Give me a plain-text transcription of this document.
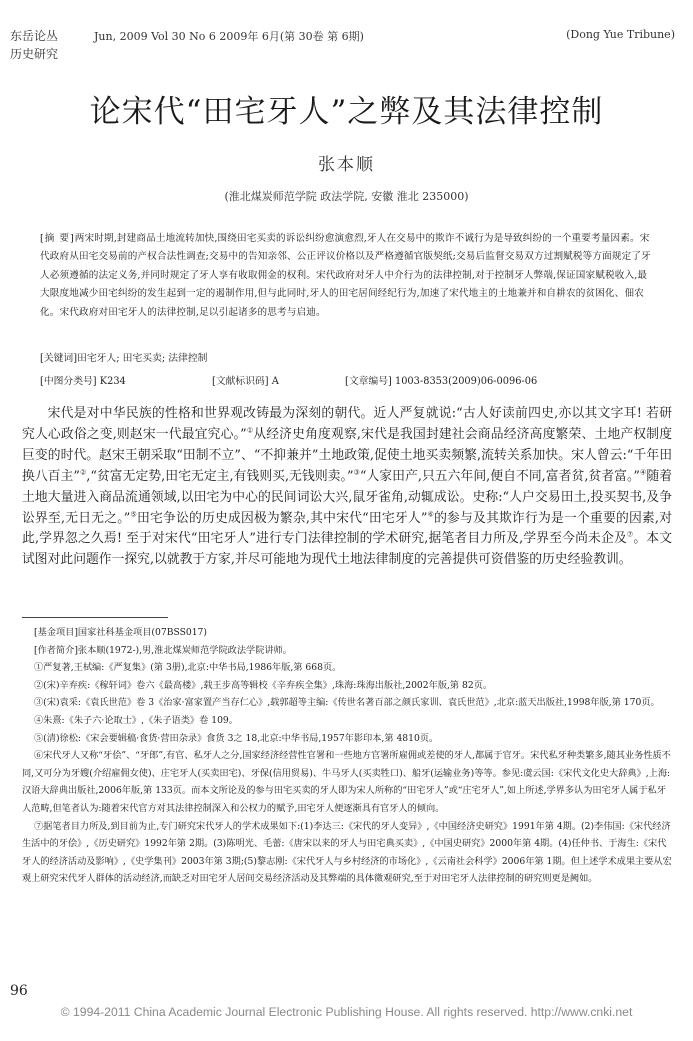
东岳论丛
历史研究
Jun, 2009 Vol 30 No 6 2009年 6月(第 30卷 第 6期)	(Dong Yue Tribune)
论宋代“田宅牙人”之弊及其法律控制
张本顺
(淮北煤炭师范学院 政法学院, 安徽 淮北 235000)
[摘 要]两宋时期,封建商品土地流转加快,围绕田宅买卖的诉讼纠纷愈演愈烈,牙人在交易中的欺诈不诚行为是导致纠纷的一个重要考量因素。宋代政府从田宅交易前的产权合法性调查;交易中的告知亲邻、公正评议价格以及严格遵循官版契纸;交易后监督交易双方过割赋税等方面规定了牙人必须遵循的法定义务,并同时规定了牙人享有收取佣金的权利。宋代政府对牙人中介行为的法律控制,对于控制牙人弊端,保证国家赋税收入,最大限度地减少田宅纠纷的发生起到一定的遏制作用,但与此同时,牙人的田宅居间经纪行为,加速了宋代地主的土地兼并和自耕农的贫困化、佃农化。宋代政府对田宅牙人的法律控制,足以引起诸多的思考与启迪。
[关键词]田宅牙人; 田宅买卖; 法律控制
[中图分类号] K234	[文献标识码] A	[文章编号] 1003-8353(2009)06-0096-06

宋代是对中华民族的性格和世界观改铸最为深刻的朝代。近人严复就说:“古人好读前四史,亦以其文字耳! 若研究人心政俗之变,则赵宋一代最宜究心。”①从经济史角度观察,宋代是我国封建社会商品经济高度繁荣、土地产权制度巨变的时代。赵宋王朝采取“田制不立”、“不抑兼并”土地政策,促使土地买卖频繁,流转关系加快。宋人曾云:“千年田换八百主”②,“贫富无定势,田宅无定主,有钱则买,无钱则卖。”③“人家田产,只五六年间,便自不同,富者贫,贫者富。”④随着土地大量进入商品流通领域,以田宅为中心的民间词讼大兴,鼠牙雀角,动辄成讼。史称:“人户交易田土,投买契书,及争讼界至,无日无之。”⑤田宅争讼的历史成因极为繁杂,其中宋代“田宅牙人”⑥的参与及其欺诈行为是一个重要的因素,对此,学界忽之久焉! 至于对宋代“田宅牙人”进行专门法律控制的学术研究,据笔者目力所及,学界至今尚未企及⑦。本文试图对此问题作一探究,以就教于方家,并尽可能地为现代土地法律制度的完善提供可资借鉴的历史经验教训。

[基金项目]国家社科基金项目(07BSS017)
[作者简介]张本顺(1972-),男,淮北煤炭师范学院政法学院讲师。
①严复著,王栻编:《严复集》(第 3册),北京:中华书局,1986年版,第 668页。
②(宋)辛弃疾:《稼轩词》卷六《最高楼》,载王步高等辑校《辛弃疾全集》,珠海:珠海出版社,2002年版,第 82页。
③(宋)袁采:《袁氏世范》卷 3《治家·富家置产当存仁心》,载郭超等主编:《传世名著百部之颜氏家训、袁氏世范》,北京:蓝天出版社,1998年版,第 170页。
④朱熹:《朱子六·论取士》,《朱子语类》卷 109。
⑤(清)徐松:《宋会要辑稿·食货·营田杂录》食货 3之 18,北京:中华书局,1957年影印本,第 4810页。
⑥宋代牙人又称“牙侩”、“牙郎”,有官、私牙人之分,国家经济经营性官署和一些地方官署所雇佣或差使的牙人,都属于官牙。宋代私牙种类繁多,随其业务性质不同,又可分为牙嫂(介绍雇佣女使)、庄宅牙人(买卖田宅)、牙保(信用贸易)、牛马牙人(买卖牲口)、船牙(运输业务)等等。参见:虞云国:《宋代文化史大辞典》,上海:汉语大辞典出版社,2006年版,第 133页。而本文所论及的参与田宅买卖的牙人即为宋人所称的“田宅牙人”或“庄宅牙人”,如上所述,学界多认为田宅牙人属于私牙人范畴,但笔者认为:随着宋代官方对其法律控制深入和公权力的赋予,田宅牙人便逐渐具有官牙人的倾向。
⑦据笔者目力所及,到目前为止,专门研究宋代牙人的学术成果如下:(1)李达三:《宋代的牙人变异》,《中国经济史研究》1991年第 4期。(2)李伟国:《宋代经济生活中的牙侩》,《历史研究》1992年第 2期。(3)陈明光、毛蕾:《唐宋以来的牙人与田宅典买卖》,《中国史研究》2000年第 4期。(4)任仲书、于海生:《宋代牙人的经济活动及影响》,《史学集刊》2003年第 3期;(5)黎志刚:《宋代牙人与乡村经济的市场化》,《云南社会科学》2006年第 1期。但上述学术成果主要从宏观上研究宋代牙人群体的活动经济,而缺乏对田宅牙人居间交易经济活动及其弊端的具体微观研究,至于对田宅牙人法律控制的研究则更是阙如。
96
© 1994-2011 China Academic Journal Electronic Publishing House. All rights reserved. http://www.cnki.net
